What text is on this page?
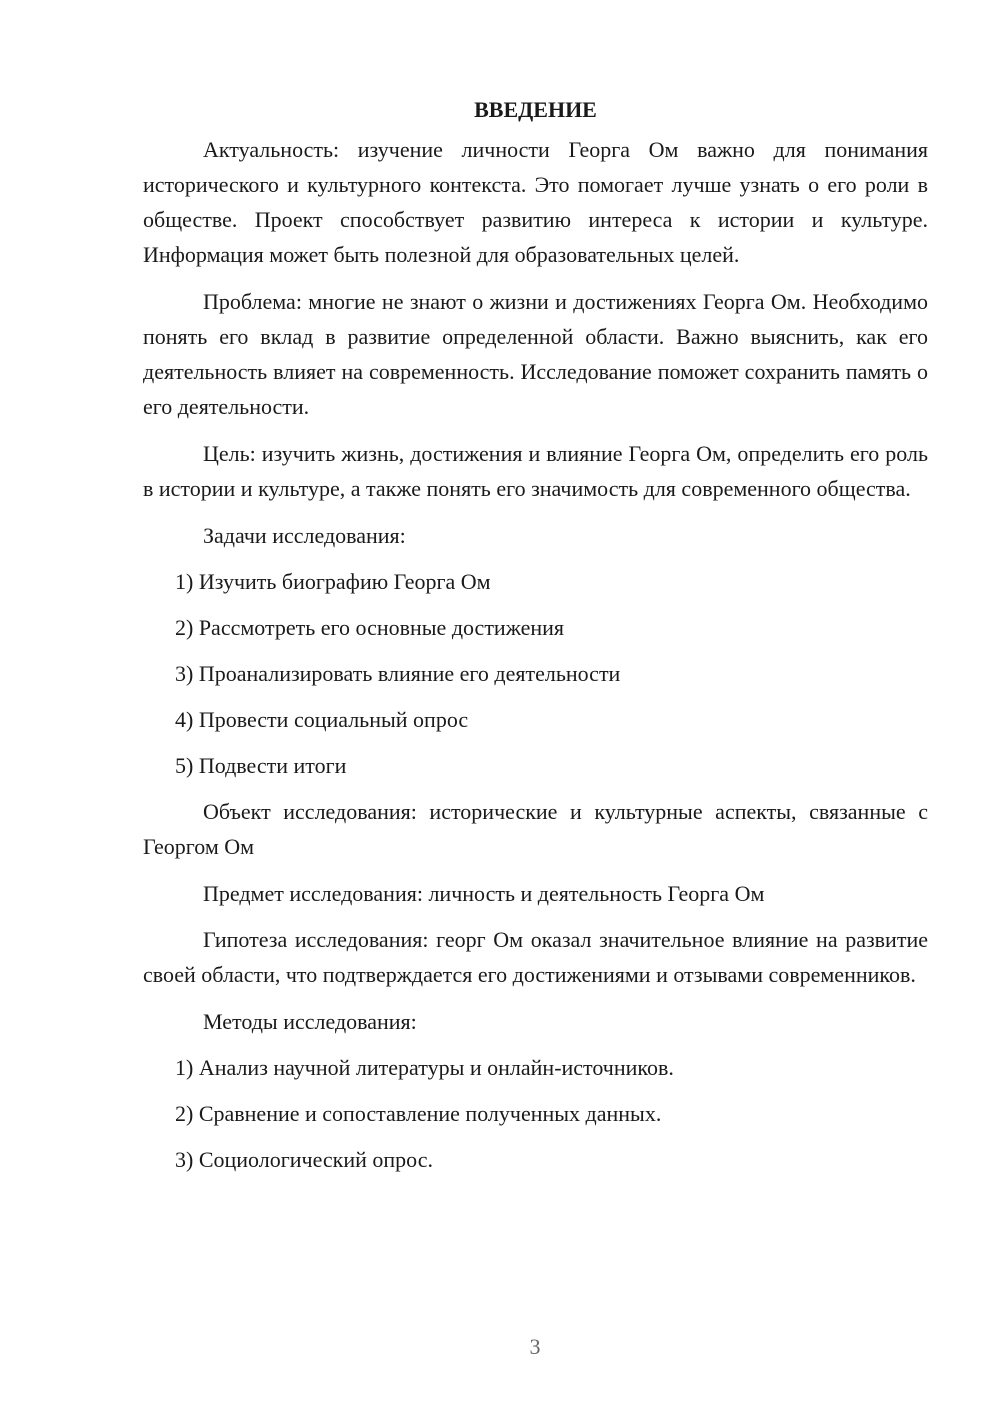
ВВЕДЕНИЕ
Актуальность: изучение личности Георга Ом важно для понимания исторического и культурного контекста. Это помогает лучше узнать о его роли в обществе. Проект способствует развитию интереса к истории и культуре. Информация может быть полезной для образовательных целей.
Проблема: многие не знают о жизни и достижениях Георга Ом. Необходимо понять его вклад в развитие определенной области. Важно выяснить, как его деятельность влияет на современность. Исследование поможет сохранить память о его деятельности.
Цель: изучить жизнь, достижения и влияние Георга Ом, определить его роль в истории и культуре, а также понять его значимость для современного общества.
Задачи исследования:
1) Изучить биографию Георга Ом
2) Рассмотреть его основные достижения
3) Проанализировать влияние его деятельности
4) Провести социальный опрос
5) Подвести итоги
Объект исследования: исторические и культурные аспекты, связанные с Георгом Ом
Предмет исследования: личность и деятельность Георга Ом
Гипотеза исследования: георг Ом оказал значительное влияние на развитие своей области, что подтверждается его достижениями и отзывами современников.
Методы исследования:
1) Анализ научной литературы и онлайн-источников.
2) Сравнение и сопоставление полученных данных.
3) Социологический опрос.
3
